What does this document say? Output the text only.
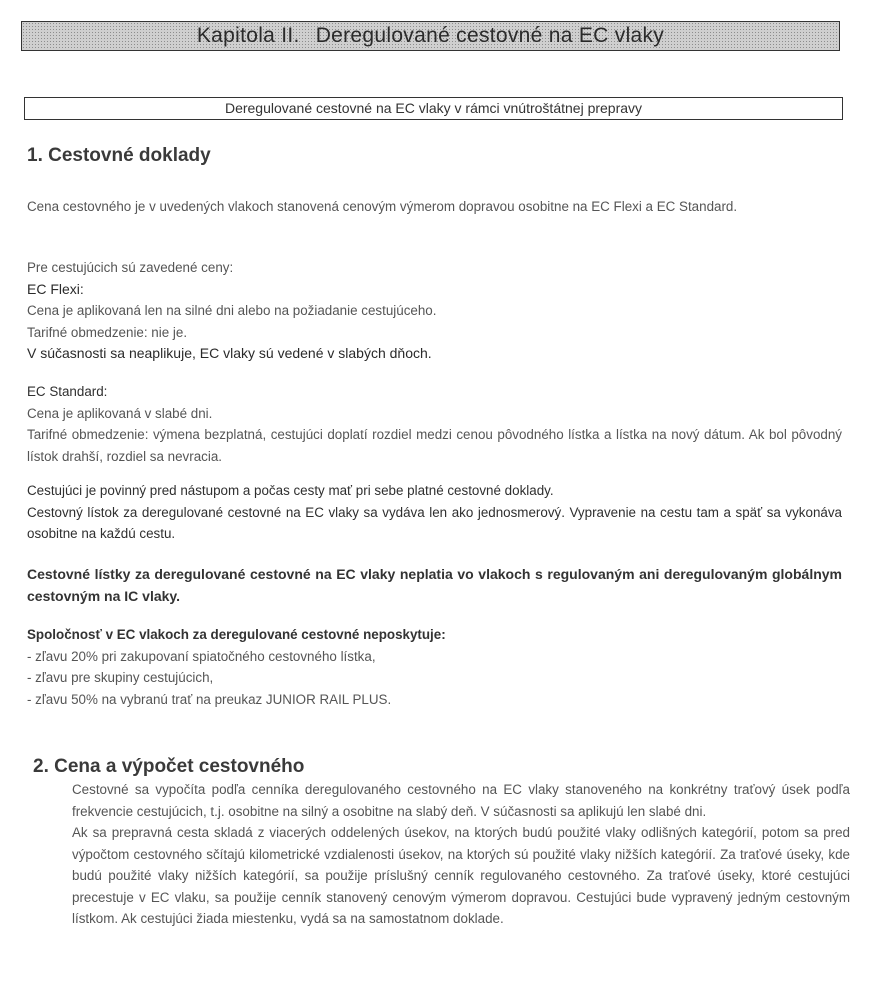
Kapitola II. Deregulované cestovné na EC vlaky
Deregulované cestovné na EC vlaky v rámci vnútroštátnej prepravy
1. Cestovné doklady

Cena cestovného je v uvedených vlakoch stanovená cenovým výmerom dopravou osobitne na EC Flexi a EC Standard.

Pre cestujúcich sú zavedené ceny:
EC Flexi:
Cena je aplikovaná len na silné dni alebo na požiadanie cestujúceho.
Tarifné obmedzenie: nie je.
V súčasnosti sa neaplikuje, EC vlaky sú vedené v slabých dňoch.
EC Standard:
Cena je aplikovaná v slabé dni.
Tarifné obmedzenie: výmena bezplatná, cestujúci doplatí rozdiel medzi cenou pôvodného lístka a lístka na nový dátum. Ak bol pôvodný lístok drahší, rozdiel sa nevracia.
Cestujúci je povinný pred nástupom a počas cesty mať pri sebe platné cestovné doklady.
Cestovný lístok za deregulované cestovné na EC vlaky sa vydáva len ako jednosmerový. Vypravenie na cestu tam a späť sa vykonáva osobitne na každú cestu.

Cestovné lístky za deregulované cestovné na EC vlaky neplatia vo vlakoch s regulovaným ani deregulovaným globálnym cestovným na IC vlaky.

Spoločnosť v EC vlakoch za deregulované cestovné neposkytuje:
- zľavu 20% pri zakupovaní spiatočného cestovného lístka,
- zľavu pre skupiny cestujúcich,
- zľavu 50% na vybranú trať na preukaz JUNIOR RAIL PLUS.
2. Cena a výpočet cestovného

Cestovné sa vypočíta podľa cenníka deregulovaného cestovného na EC vlaky stanoveného na konkrétny traťový úsek podľa frekvencie cestujúcich, t.j. osobitne na silný a osobitne na slabý deň. V súčasnosti sa aplikujú len slabé dni.

Ak sa prepravná cesta skladá z viacerých oddelených úsekov, na ktorých budú použité vlaky odlišných kategórií, potom sa pred výpočtom cestovného sčítajú kilometrické vzdialenosti úsekov, na ktorých sú použité vlaky nižších kategórií. Za traťové úseky, kde budú použité vlaky nižších kategórií, sa použije príslušný cenník regulovaného cestovného. Za traťové úseky, ktoré cestujúci precestuje v EC vlaku, sa použije cenník stanovený cenovým výmerom dopravou. Cestujúci bude vypravený jedným cestovným lístkom. Ak cestujúci žiada miestenku, vydá sa na samostatnom doklade.
